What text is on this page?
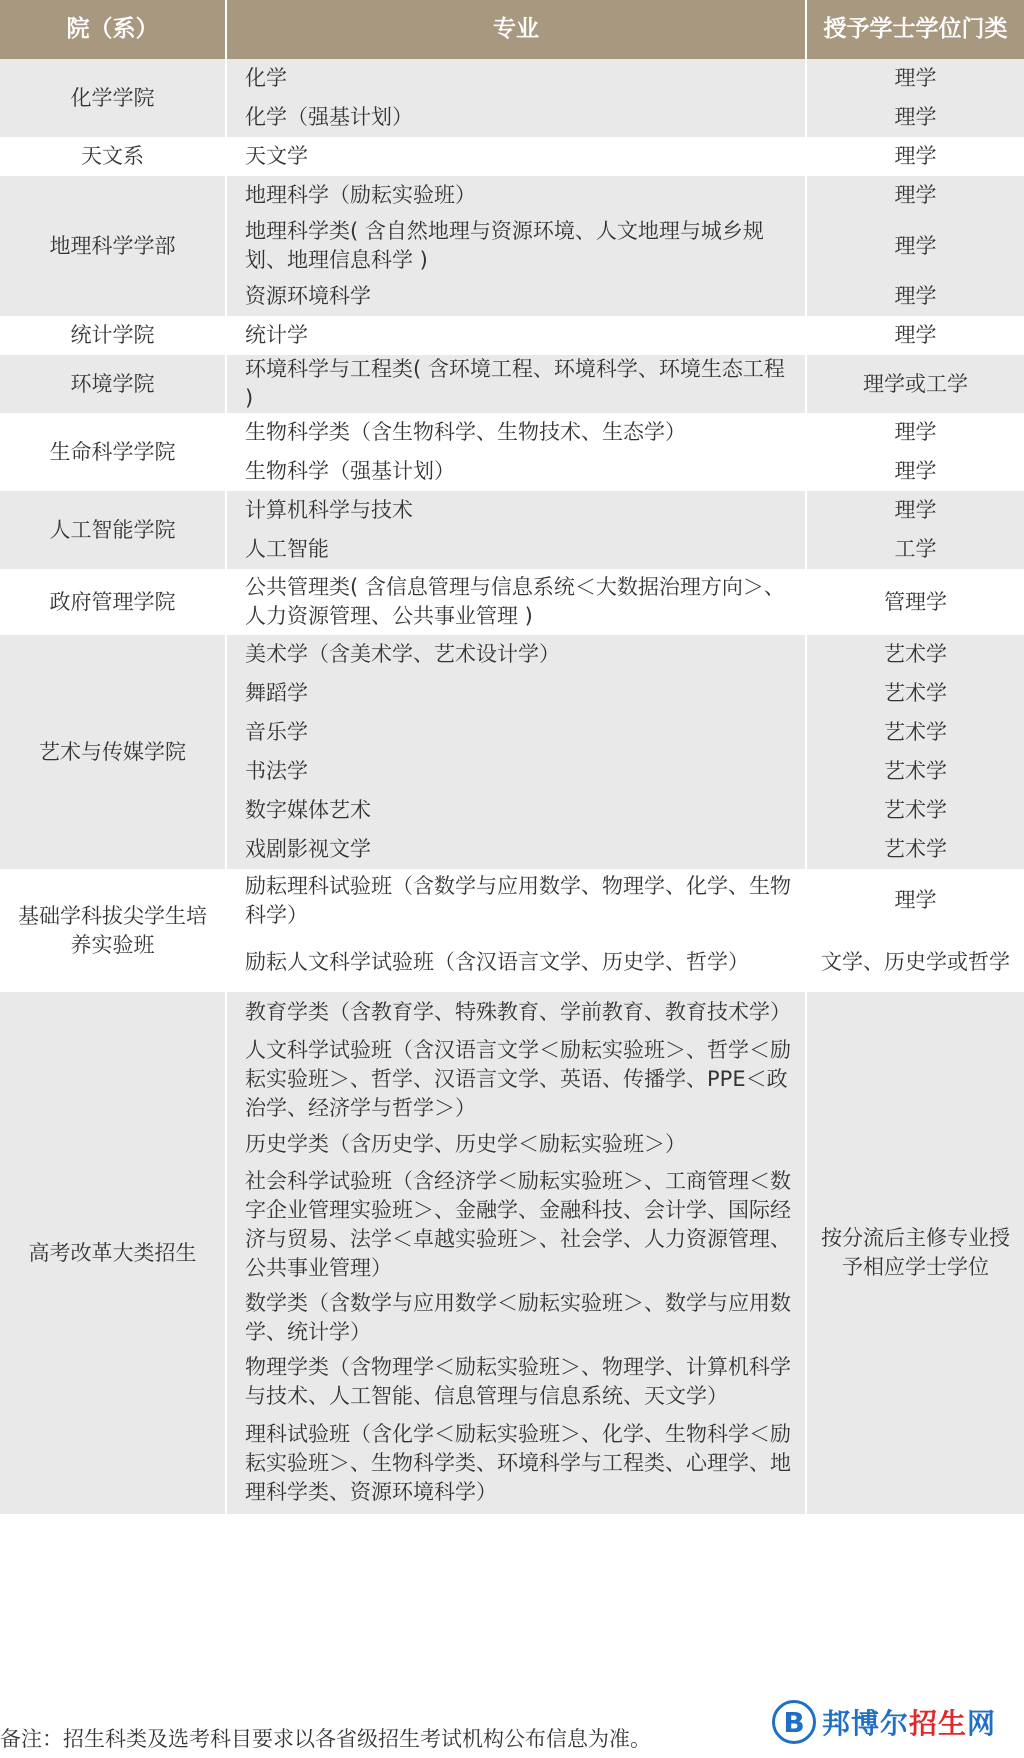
院（系）	专业	授予学士学位门类
化学学院	化学	理学
	化学（强基计划）	理学
天文系	天文学	理学
地理科学学部	地理科学（励耘实验班）	理学
	地理科学类( 含自然地理与资源环境、人文地理与城乡规划、地理信息科学 )	理学
	资源环境科学	理学
统计学院	统计学	理学
环境学院	环境科学与工程类( 含环境工程、环境科学、环境生态工程 )	理学或工学
生命科学学院	生物科学类（含生物科学、生物技术、生态学）	理学
	生物科学（强基计划）	理学
人工智能学院	计算机科学与技术	理学
	人工智能	工学
政府管理学院	公共管理类( 含信息管理与信息系统＜大数据治理方向＞、人力资源管理、公共事业管理 )	管理学
艺术与传媒学院	美术学（含美术学、艺术设计学）	艺术学
	舞蹈学	艺术学
	音乐学	艺术学
	书法学	艺术学
	数字媒体艺术	艺术学
	戏剧影视文学	艺术学
基础学科拔尖学生培养实验班	励耘理科试验班（含数学与应用数学、物理学、化学、生物科学）	理学
	励耘人文科学试验班（含汉语言文学、历史学、哲学）	文学、历史学或哲学
高考改革大类招生	教育学类（含教育学、特殊教育、学前教育、教育技术学）	按分流后主修专业授予相应学士学位
	人文科学试验班（含汉语言文学＜励耘实验班＞、哲学＜励耘实验班＞、哲学、汉语言文学、英语、传播学、PPE＜政治学、经济学与哲学＞）	
	历史学类（含历史学、历史学＜励耘实验班＞）	
	社会科学试验班（含经济学＜励耘实验班＞、工商管理＜数字企业管理实验班＞、金融学、金融科技、会计学、国际经济与贸易、法学＜卓越实验班＞、社会学、人力资源管理、公共事业管理）	
	数学类（含数学与应用数学＜励耘实验班＞、数学与应用数学、统计学）	
	物理学类（含物理学＜励耘实验班＞、物理学、计算机科学与技术、人工智能、信息管理与信息系统、天文学）	
	理科试验班（含化学＜励耘实验班＞、化学、生物科学＜励耘实验班＞、生物科学类、环境科学与工程类、心理学、地理科学类、资源环境科学）	

备注：招生科类及选考科目要求以各省级招生考试机构公布信息为准。
B 邦博尔招生网
